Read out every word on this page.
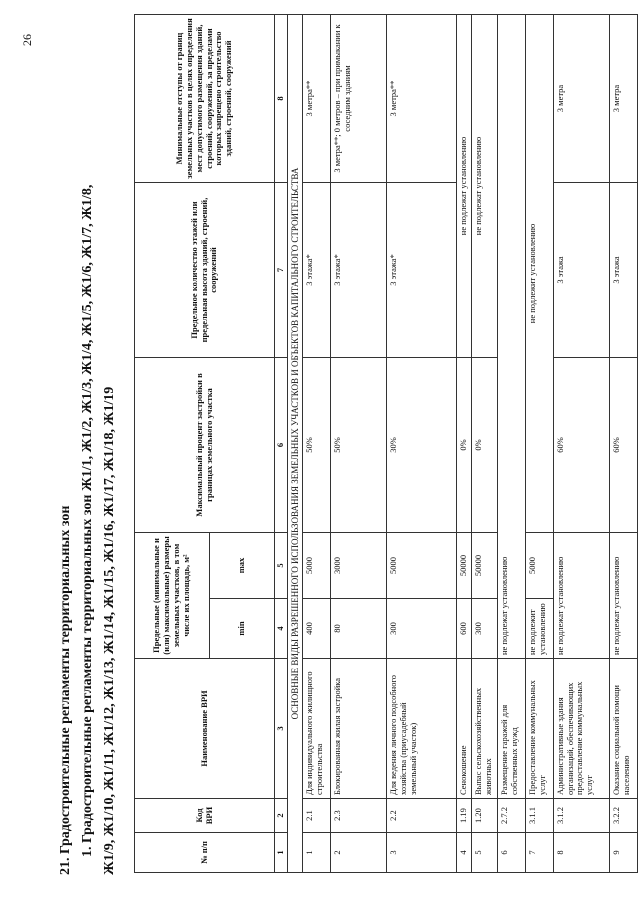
26
21. Градостроительные регламенты территориальных зон 1. Градостроительные регламенты территориальных зон Ж1/1, Ж1/2, Ж1/3, Ж1/4, Ж1/5, Ж1/6, Ж1/7, Ж1/8, Ж1/9, Ж1/10, Ж1/11, Ж1/12, Ж1/13, Ж1/14, Ж1/15, Ж1/16, Ж1/17, Ж1/18, Ж1/19	№ п/п	Код ВРИ	Наименование ВРИ	Предельные (минимальные и (или) максимальные) размеры земельных участков, в том числе их площадь, м²		Максимальный процент застройки в границах земельного участка	Предельное количество этажей или предельная высота зданий, строений, сооружений	Минимальные отступы от границ земельных участков в целях определения мест допустимого размещения зданий, строений, сооружений, за пределами которых запрещено строительство зданий, строений, сооружений
			min	max			
1	2	3	4	5	6	7	8
ОСНОВНЫЕ ВИДЫ РАЗРЕШЕННОГО ИСПОЛЬЗОВАНИЯ ЗЕМЕЛЬНЫХ УЧАСТКОВ И ОБЪЕКТОВ КАПИТАЛЬНОГО СТРОИТЕЛЬСТВА							
1	2.1	Для индивидуального жилищного строительства	400	5000	50%	3 этажа*	3 метра**
2	2.3	Блокированная жилая застройка	80	3000	50%	3 этажа*	3 метра**; 0 метров – при примыкании к соседним зданиям
3	2.2	Для ведения личного подсобного хозяйства (приусадебный земельный участок)	300	5000	30%	3 этажа*	3 метра**
4	1.19	Сенокошение	600	50000	0%	не подлежат установлению	
5	1.20	Выпас сельскохозяйственных животных	300	50000	0%	не подлежат установлению	
6	2.7.2	Размещение гаражей для собственных нужд	не подлежат установлению				
7	3.1.1	Предоставление коммунальных услуг	не подлежит установлению	5000	не подлежит установлению		
8	3.1.2	Административные здания организаций, обеспечивающих предоставление коммунальных услуг	не подлежат установлению		60%	3 этажа	3 метра
9	3.2.2	Оказание социальной помощи населению	не подлежат установлению		60%	3 этажа	3 метра
